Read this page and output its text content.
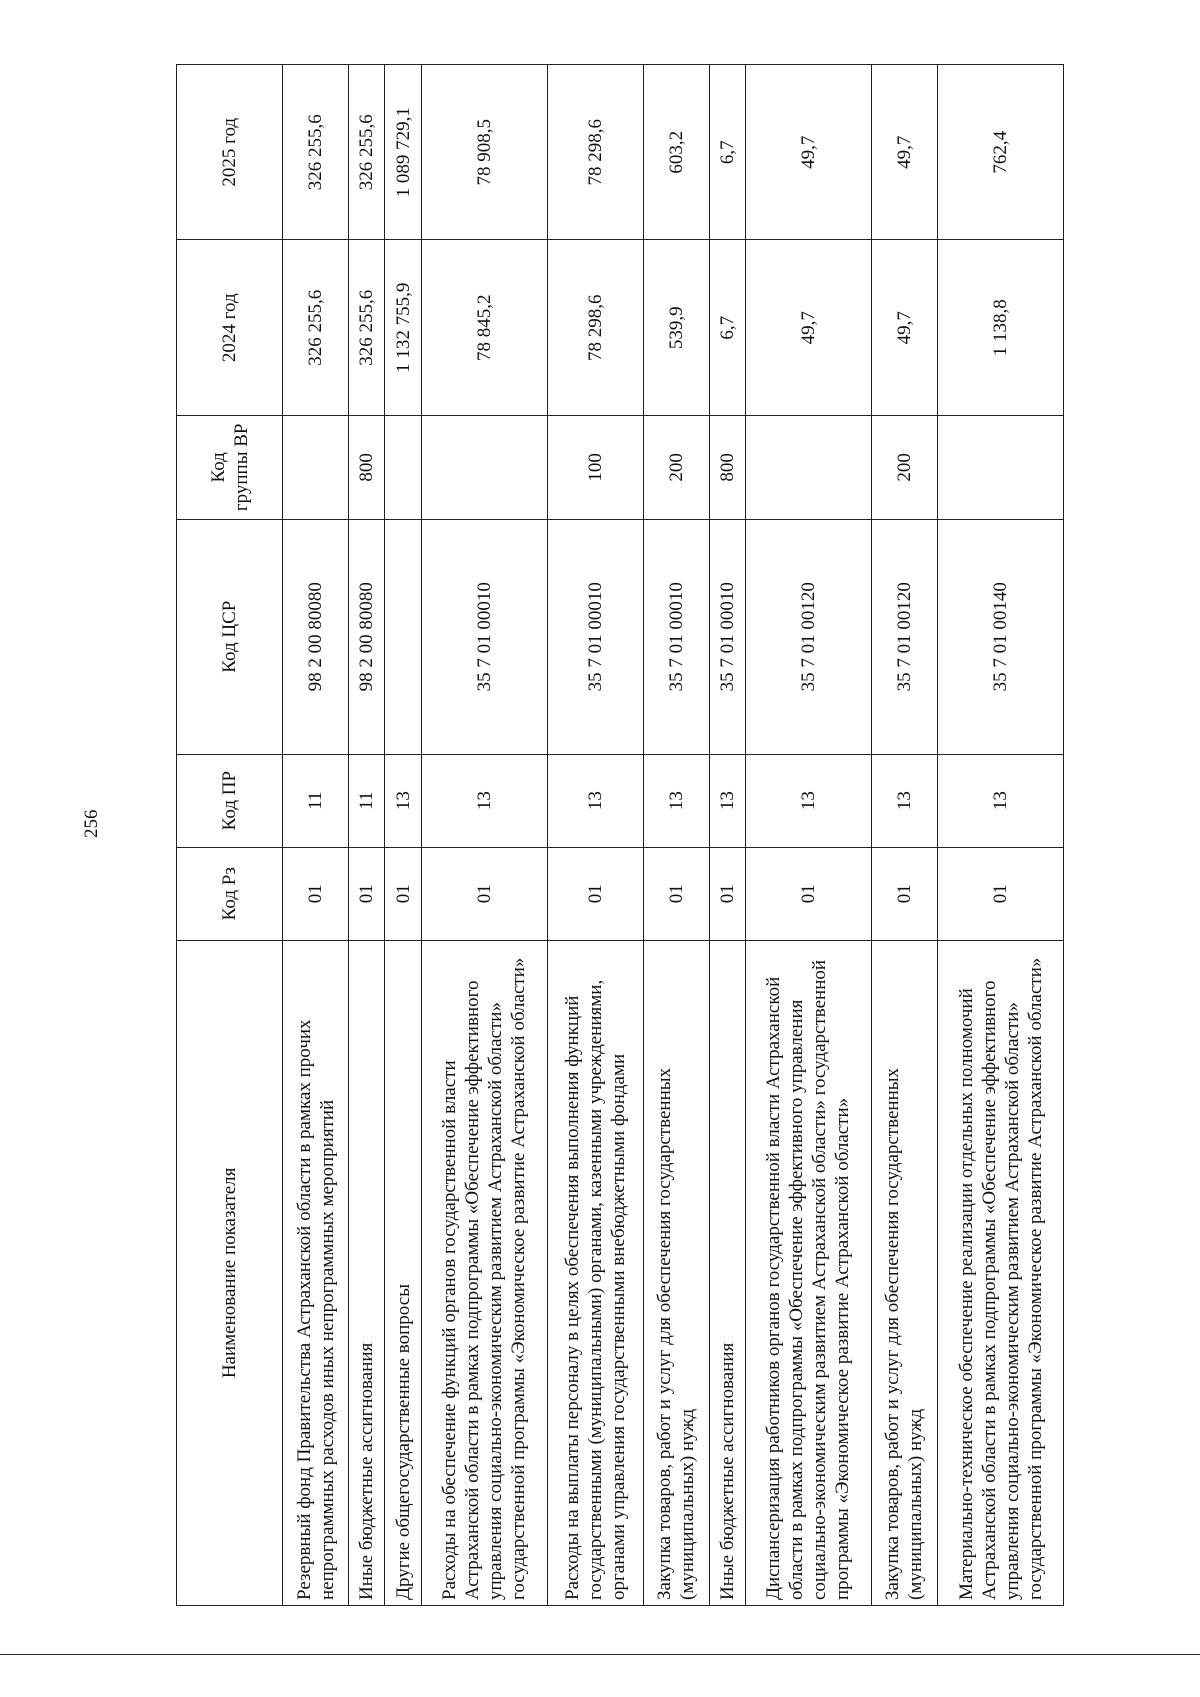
256
Наименование показателя	Код Рз	Код ПР	Код ЦСР	Код группы ВР	2024 год	2025 год
Резервный фонд Правительства Астраханской области в рамках прочих непрограммных расходов иных непрограммных мероприятий	01	11	98 2 00 80080		326 255,6	326 255,6
Иные бюджетные ассигнования	01	11	98 2 00 80080	800	326 255,6	326 255,6
Другие общегосударственные вопросы	01	13			1 132 755,9	1 089 729,1
Расходы на обеспечение функций органов государственной власти Астраханской области в рамках подпрограммы «Обеспечение эффективного управления социально-экономическим развитием Астраханской области» государственной программы «Экономическое развитие Астраханской области»	01	13	35 7 01 00010		78 845,2	78 908,5
Расходы на выплаты персоналу в целях обеспечения выполнения функций государственными (муниципальными) органами, казенными учреждениями, органами управления государственными внебюджетными фондами	01	13	35 7 01 00010	100	78 298,6	78 298,6
Закупка товаров, работ и услуг для обеспечения государственных (муниципальных) нужд	01	13	35 7 01 00010	200	539,9	603,2
Иные бюджетные ассигнования	01	13	35 7 01 00010	800	6,7	6,7
Диспансеризация работников органов государственной власти Астраханской области в рамках подпрограммы «Обеспечение эффективного управления социально-экономическим развитием Астраханской области» государственной программы «Экономическое развитие Астраханской области»	01	13	35 7 01 00120		49,7	49,7
Закупка товаров, работ и услуг для обеспечения государственных (муниципальных) нужд	01	13	35 7 01 00120	200	49,7	49,7
Материально-техническое обеспечение реализации отдельных полномочий Астраханской области в рамках подпрограммы «Обеспечение эффективного управления социально-экономическим развитием Астраханской области» государственной программы «Экономическое развитие Астраханской области»	01	13	35 7 01 00140		1 138,8	762,4
